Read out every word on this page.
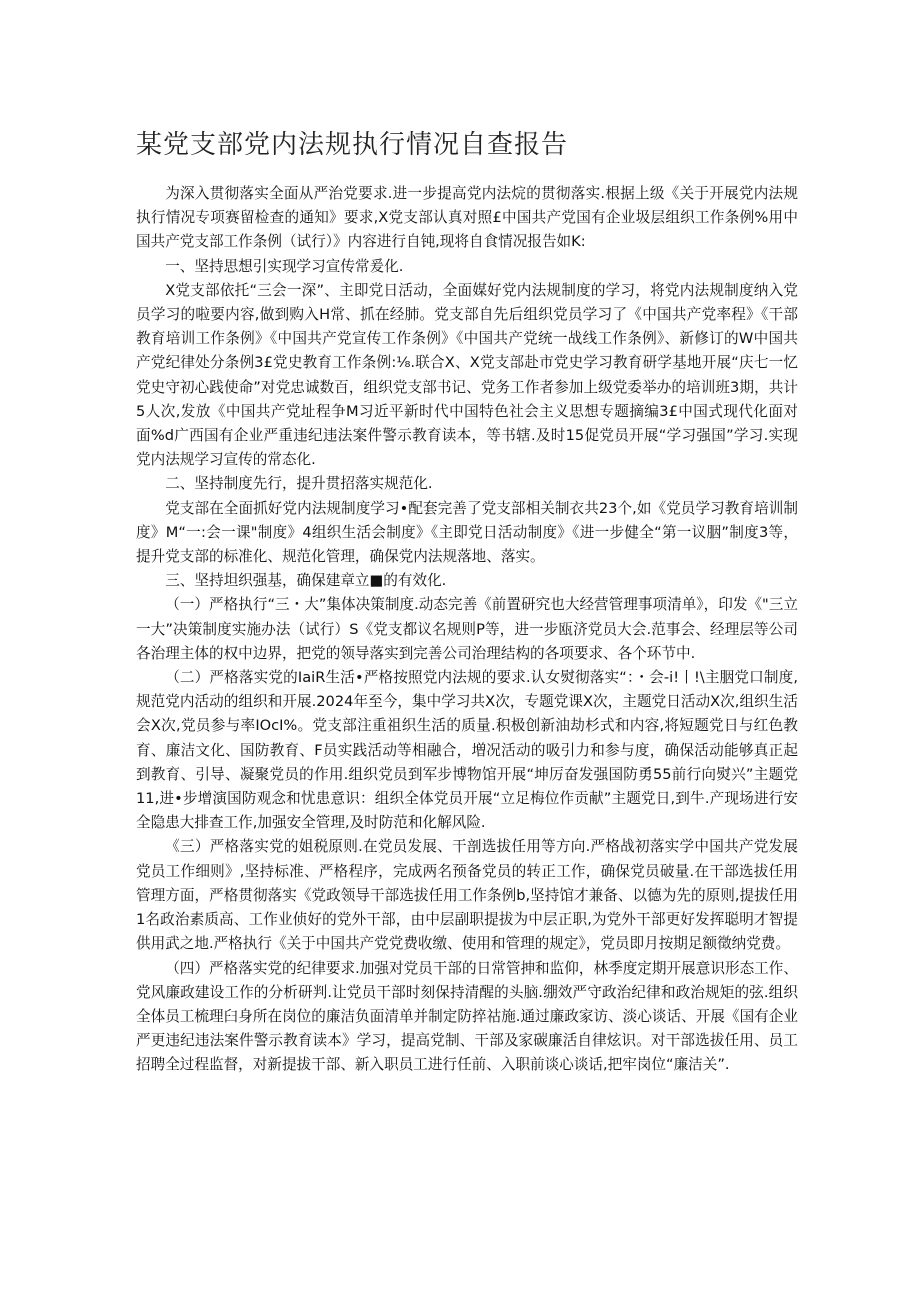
某党支部党内法规执行情况自查报告

为深入贯彻落实全面从严治党要求.进一步提高党内法烷的贯彻落实.根据上级《关于开展党内法规执行情况专项赛留检查的通知》要求,X党支部认真对照£中国共产党国有企业圾层组织工作条例%用中国共产党支部工作条例（试行）》内容进行自钝,现将自食情况报告如K:

一、坚持思想引实现学习宣传常爰化.

X党支部依托“三会一深”、主即党日活动，全面媒好党内法规制度的学习，将党内法规制度纳入党员学习的啦要内容,做到购入H常、抓在经肺。党支部自先后组织党员学习了《中国共产党率程》《干部教育培训工作条例》《中国共产党宣传工作条例》《中国共产党统一战线工作条例》、新修订的W中国共产党纪律处分条例3£党史教育工作条例:⅛.联合X、X党支部赴市党史学习教育研学基地开展“庆七一忆党史守初心践使命”对党忠诚数百，组织党支部书记、党务工作者参加上级党委举办的培训班3期，共计5人次,发放《中国共产党址程争M习近平新时代中国特色社会主义思想专题摘编3£中国式现代化面对面%d广西国有企业严重违纪违法案件警示教育读本，等书辖.及时15促党员开展“学习强国”学习.实现党内法规学习宣传的常态化.

二、坚持制度先行，提升贯招落实规范化.

党支部在全面抓好党内法规制度学习•配套完善了党支部相关制衣共23个,如《党员学习教育培训制度》M“一:会一课"制度》4组织生活会制度》《主即党日活动制度》《进一步健全“第一议胭”制度3等，提升党支部的标准化、规范化管理，确保党内法规落地、落实。

三、坚持坦织强基，确保建章立■的有效化.

（一）严格执行“三・大”集体决策制度.动态完善《前置研究也大经营管理事项清单》，印发《"三立一大”决策制度实施办法（试行）S《党支都议名规则P等，进一步瓯济党员大会.范事会、经理层等公司各治理主体的权中边界，把党的领导落实到完善公司治理结构的各项要求、各个环节中.

（二）严格落实党的IaiR生活•严格按照党内法规的要求.认女熨彻落实“：・会-i!丨!\主胭党口制度,规范党内活动的组织和开展.2024年至今，集中学习共X次，专题党课X次，主题党日活动X次,组织生活会X次,党员参与率IOcI%。党支部注重祖织生活的质量.积极创新油劫杉式和内容,将短题党日与红色教育、廉洁文化、国防教育、F员实践活动等相融合，増况活动的吸引力和参与度，确保活动能够真正起到教育、引导、凝聚党员的作用.组织党员到军步博物馆开展“坤厉奋发强国防勇55前行向熨兴”主题党11,进•步增演国防观念和忧患意识：组织全体党员开展“立足梅位作贡献”主题党日,到牛.产现场进行安全隐患大排查工作,加强安全管理,及时防范和化解风险.

《三）严格落实党的姐税原则.在党员发展、干剖选拔任用等方向.严格战初落实学中国共产党发展党员工作细则》,坚持标准、严格程序，完成两名预备党员的转正工作，确保党员破量.在干部选拔任用管理方面，严格贯彻落实《党政领导干部选拔任用工作条例b,坚持馆才兼备、以德为先的原则,提拔任用1名政治素质高、工作业侦好的党外干部，由中层副职提拔为中层正职,为党外干部更好发挥聪明才智提供用武之地.严格执行《关于中国共产党党费收缴、使用和管理的规定》，党员即月按期足额徵纳党费。

（四）严格落实党的纪律要求.加强对党员干部的日常管抻和监仰，林季度定期开展意识形态工作、党风廉政建设工作的分析研判.让党员干部时刻保持清醒的头脑.绷效严守政治纪律和政治规矩的弦.组织全体员工梳理臼身所在岗位的廉洁负面清单并制定防捽祜施.通过廉政家访、淡心谈话、开展《国有企业严更违纪违法案件警示教育读本》学习，提高党制、干部及家碳廉活自律炫识。对干部选拔任用、员工招聘全过程监督，对新提拔干部、新入职员工进行任前、入职前谈心谈话,把牢岗位“廉洁关”.
